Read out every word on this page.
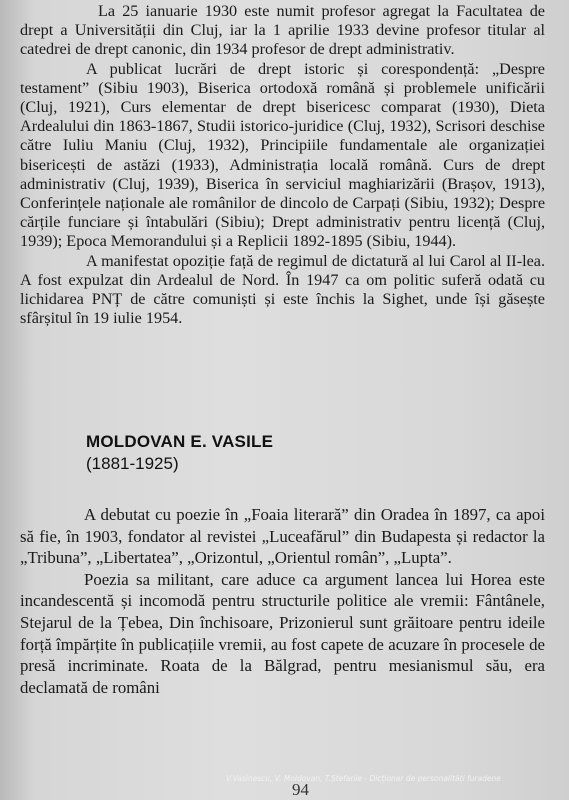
La 25 ianuarie 1930 este numit profesor agregat la Facultatea de drept a Universității din Cluj, iar la 1 aprilie 1933 devine profesor titular al catedrei de drept canonic, din 1934 profesor de drept administrativ.

A publicat lucrări de drept istoric și corespondență: „Despre testament” (Sibiu 1903), Biserica ortodoxă română și problemele unificării (Cluj, 1921), Curs elementar de drept bisericesc comparat (1930), Dieta Ardealului din 1863-1867, Studii istorico-juridice (Cluj, 1932), Scrisori deschise către Iuliu Maniu (Cluj, 1932), Principiile fundamentale ale organizației bisericești de astăzi (1933), Administrația locală română. Curs de drept administrativ (Cluj, 1939), Biserica în serviciul maghiarizării (Brașov, 1913), Conferințele naționale ale românilor de dincolo de Carpați (Sibiu, 1932); Despre cărțile funciare și întabulări (Sibiu); Drept administrativ pentru licență (Cluj, 1939); Epoca Memorandului și a Replicii 1892-1895 (Sibiu, 1944).

A manifestat opoziție față de regimul de dictatură al lui Carol al II-lea. A fost expulzat din Ardealul de Nord. În 1947 ca om politic suferă odată cu lichidarea PNȚ de către comuniști și este închis la Sighet, unde își găsește sfârșitul în 19 iulie 1954.

MOLDOVAN E. VASILE
(1881-1925)

A debutat cu poezie în „Foaia literară” din Oradea în 1897, ca apoi să fie, în 1903, fondator al revistei „Luceafărul” din Budapesta și redactor la „Tribuna”, „Libertatea”, „Orizontul, „Orientul român”, „Lupta”.

Poezia sa militant, care aduce ca argument lancea lui Horea este incandescentă și incomodă pentru structurile politice ale vremii: Fântânele, Stejarul de la Țebea, Din închisoare, Prizonierul sunt grăitoare pentru ideile forță împărțite în publicațiile vremii, au fost capete de acuzare în procesele de presă incriminate. Roata de la Bălgrad, pentru mesianismul său, era declamată de români

V.Vasinescu, V. Moldovan, T.Ștefanie - Dicționar de personalități furadene
94
